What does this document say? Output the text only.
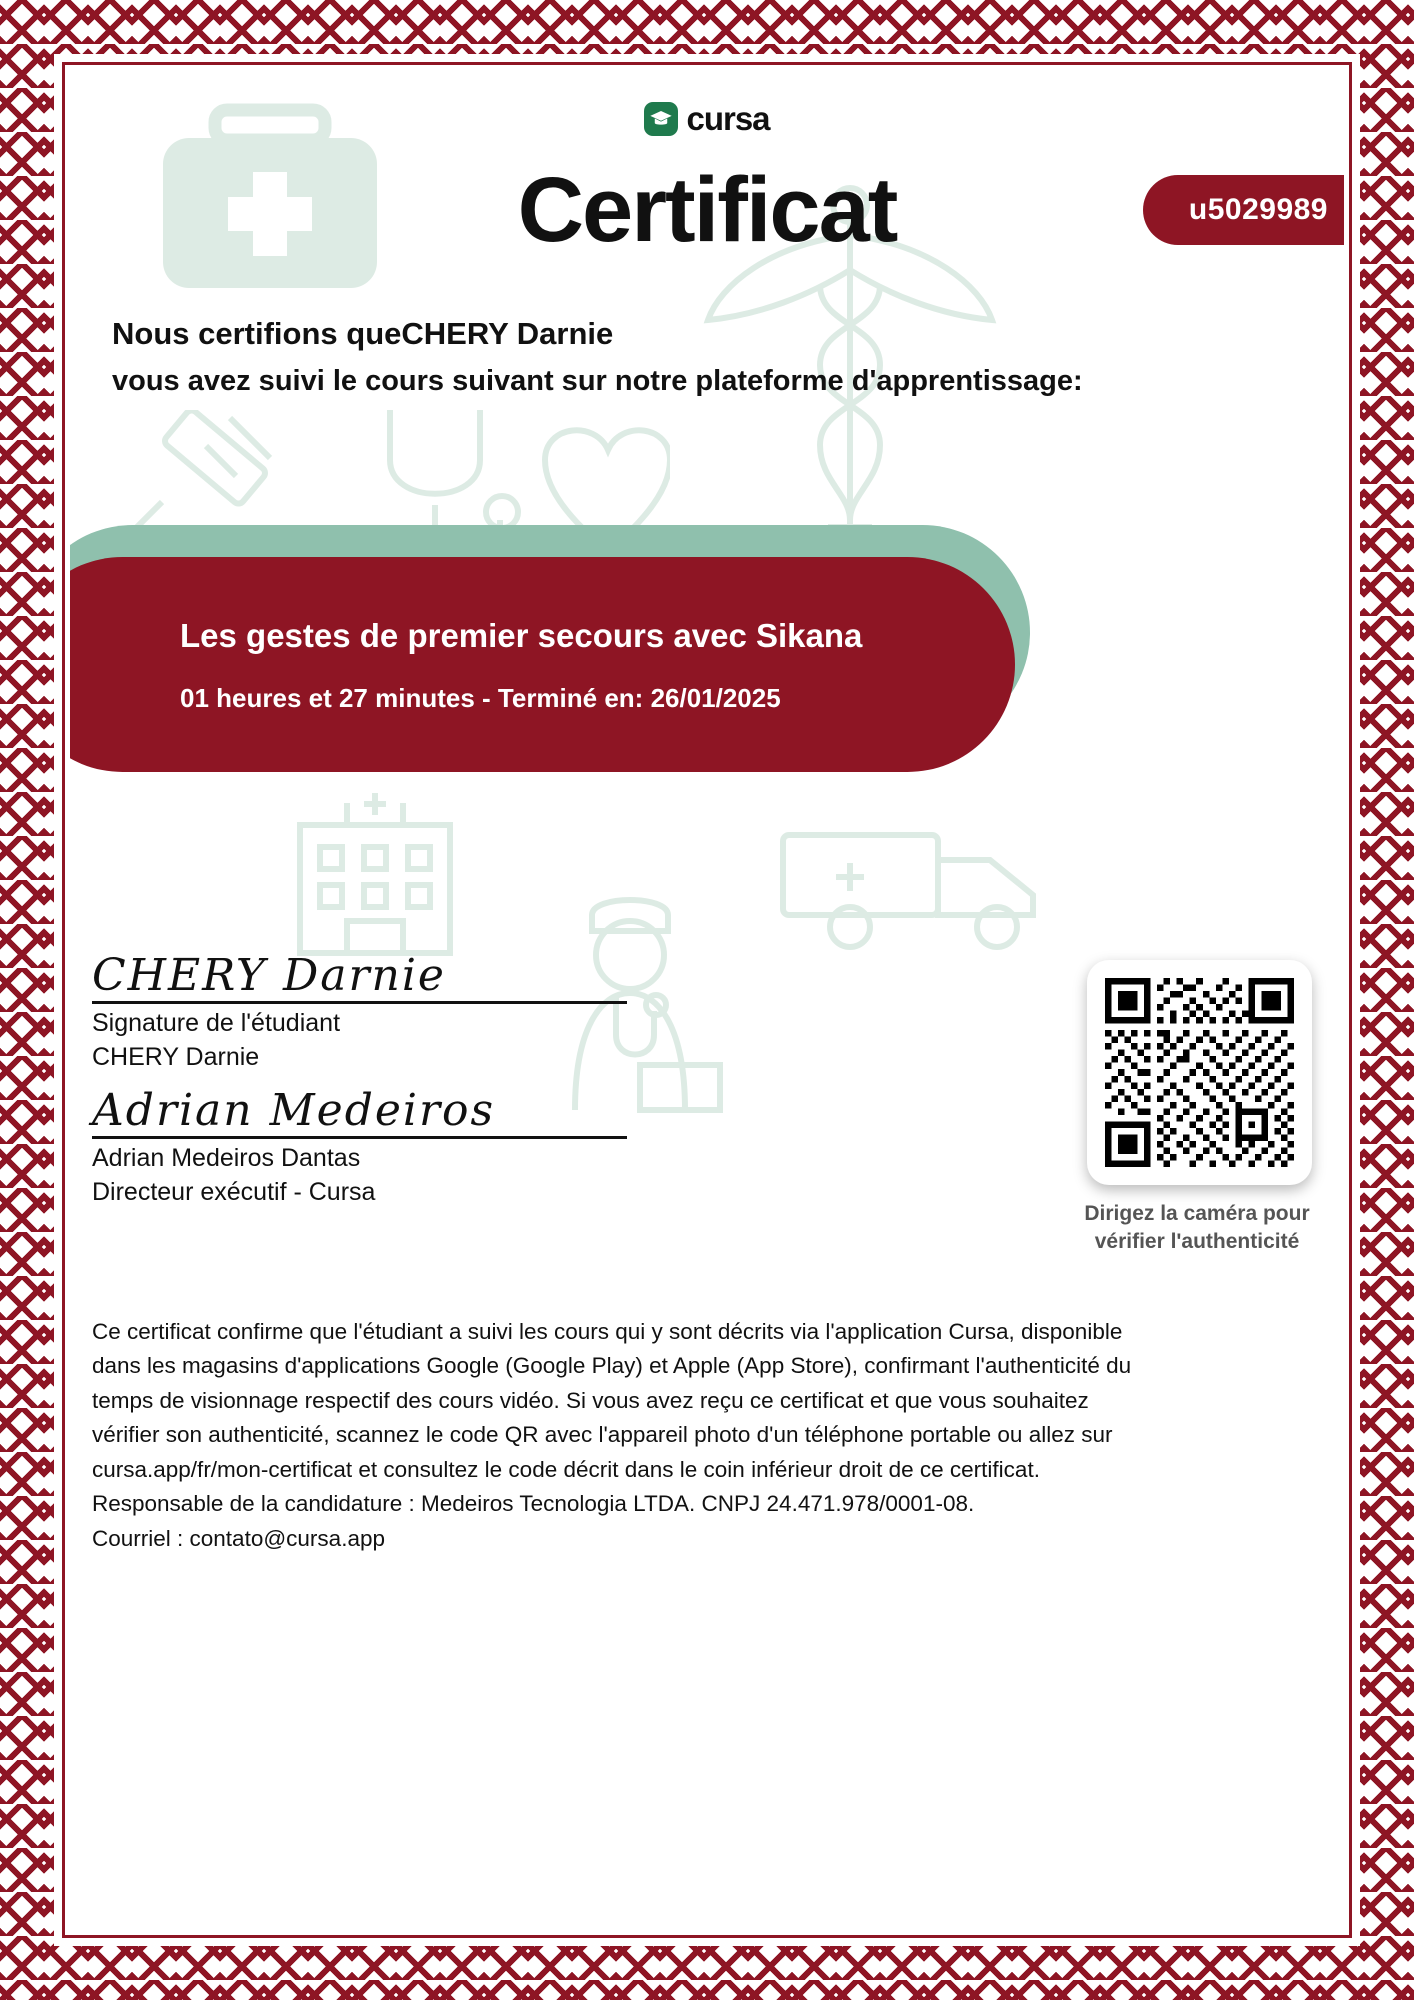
cursa
Certificat	u5029989
Nous certifions queCHERY Darnie
vous avez suivi le cours suivant sur notre plateforme d'apprentissage:
Les gestes de premier secours avec Sikana
01 heures et 27 minutes - Terminé en: 26/01/2025
CHERY Darnie
Signature de l'étudiant
CHERY Darnie
Adrian Medeiros
Adrian Medeiros Dantas
Directeur exécutif - Cursa
Dirigez la caméra pour
vérifier l'authenticité

Ce certificat confirme que l'étudiant a suivi les cours qui y sont décrits via l'application Cursa, disponible

dans les magasins d'applications Google (Google Play) et Apple (App Store), confirmant l'authenticité du

temps de visionnage respectif des cours vidéo. Si vous avez reçu ce certificat et que vous souhaitez

vérifier son authenticité, scannez le code QR avec l'appareil photo d'un téléphone portable ou allez sur

cursa.app/fr/mon-certificat et consultez le code décrit dans le coin inférieur droit de ce certificat.

Responsable de la candidature : Medeiros Tecnologia LTDA. CNPJ 24.471.978/0001-08.

Courriel : contato@cursa.app
